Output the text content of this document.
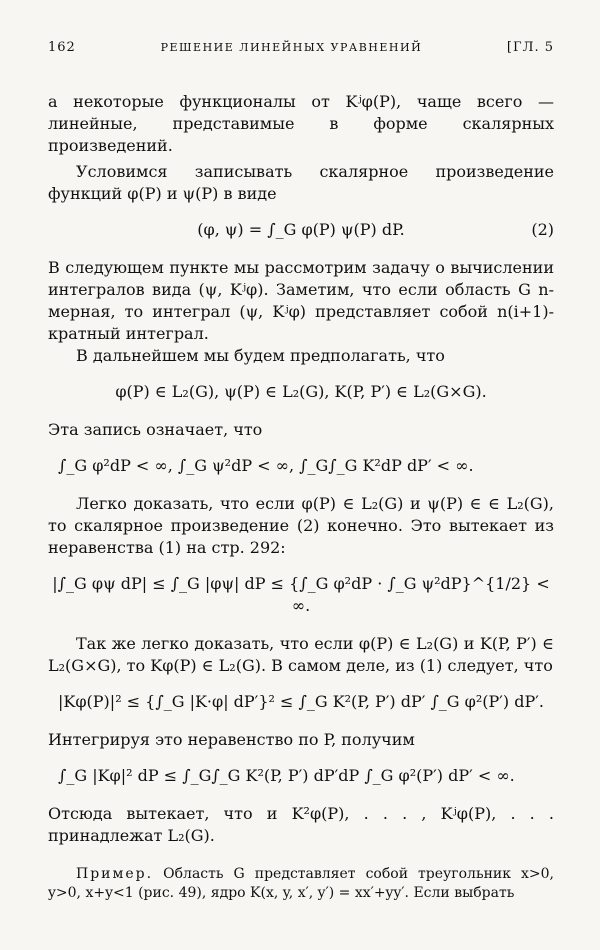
162	РЕШЕНИЕ ЛИНЕЙНЫХ УРАВНЕНИЙ	[ГЛ. 5

а некоторые функционалы от Kʲφ(P), чаще всего — линейные, представимые в форме скалярных произведений.

Условимся записывать скалярное произведение функций φ(P) и ψ(P) в виде

(φ, ψ) = ∫_G φ(P) ψ(P) dP.	(2)

В следующем пункте мы рассмотрим задачу о вычислении интегралов вида (ψ, Kʲφ). Заметим, что если область G n-мерная, то интеграл (ψ, Kʲφ) представляет собой n(i+1)-кратный интеграл.

В дальнейшем мы будем предполагать, что

φ(P) ∈ L₂(G), ψ(P) ∈ L₂(G), K(P, P′) ∈ L₂(G×G).

Эта запись означает, что

∫_G φ²dP < ∞, ∫_G ψ²dP < ∞, ∫_G∫_G K²dP dP′ < ∞.

Легко доказать, что если φ(P) ∈ L₂(G) и ψ(P) ∈ ∈ L₂(G), то скалярное произведение (2) конечно. Это вытекает из неравенства (1) на стр. 292:

|∫_G φψ dP| ≤ ∫_G |φψ| dP ≤ {∫_G φ²dP · ∫_G ψ²dP}^{1/2} < ∞.

Так же легко доказать, что если φ(P) ∈ L₂(G) и K(P, P′) ∈ L₂(G×G), то Kφ(P) ∈ L₂(G). В самом деле, из (1) следует, что

|Kφ(P)|² ≤ {∫_G |K·φ| dP′}² ≤ ∫_G K²(P, P′) dP′ ∫_G φ²(P′) dP′.

Интегрируя это неравенство по P, получим

∫_G |Kφ|² dP ≤ ∫_G∫_G K²(P, P′) dP′dP ∫_G φ²(P′) dP′ < ∞.

Отсюда вытекает, что и K²φ(P), . . . , Kʲφ(P), . . . принадлежат L₂(G).

Пример. Область G представляет собой треугольник x>0, y>0, x+y<1 (рис. 49), ядро K(x, y, x′, y′) = xx′+yy′. Если выбрать
